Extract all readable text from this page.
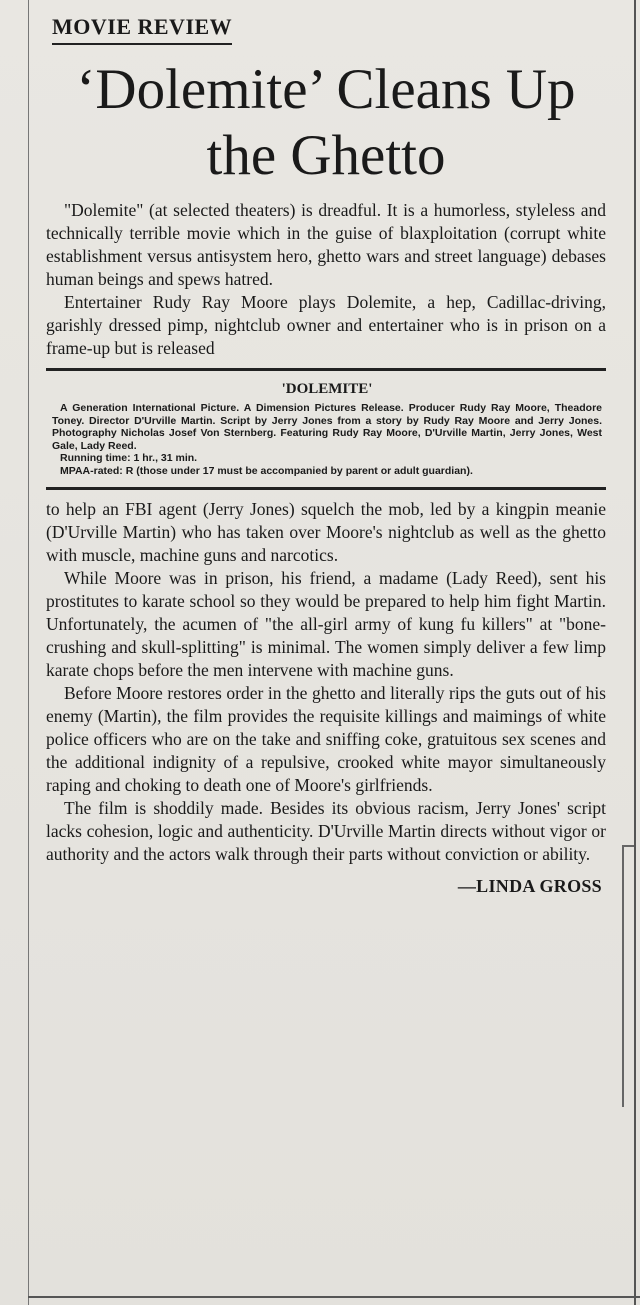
MOVIE REVIEW
‘Dolemite’ Cleans Up the Ghetto

"Dolemite" (at selected theaters) is dreadful. It is a humorless, styleless and technically terrible movie which in the guise of blaxploitation (corrupt white establishment versus antisystem hero, ghetto wars and street language) debases human beings and spews hatred.

Entertainer Rudy Ray Moore plays Dolemite, a hep, Cadillac-driving, garishly dressed pimp, nightclub owner and entertainer who is in prison on a frame-up but is released

'DOLEMITE'
A Generation International Picture. A Dimension Pictures Release. Producer Rudy Ray Moore, Theadore Toney. Director D'Urville Martin. Script by Jerry Jones from a story by Rudy Ray Moore and Jerry Jones. Photography Nicholas Josef Von Sternberg. Featuring Rudy Ray Moore, D'Urville Martin, Jerry Jones, West Gale, Lady Reed.
Running time: 1 hr., 31 min.
MPAA-rated: R (those under 17 must be accompanied by parent or adult guardian).

to help an FBI agent (Jerry Jones) squelch the mob, led by a kingpin meanie (D'Urville Martin) who has taken over Moore's nightclub as well as the ghetto with muscle, machine guns and narcotics.

While Moore was in prison, his friend, a madame (Lady Reed), sent his prostitutes to karate school so they would be prepared to help him fight Martin. Unfortunately, the acumen of "the all-girl army of kung fu killers" at "bone-crushing and skull-splitting" is minimal. The women simply deliver a few limp karate chops before the men intervene with machine guns.

Before Moore restores order in the ghetto and literally rips the guts out of his enemy (Martin), the film provides the requisite killings and maimings of white police officers who are on the take and sniffing coke, gratuitous sex scenes and the additional indignity of a repulsive, crooked white mayor simultaneously raping and choking to death one of Moore's girlfriends.

The film is shoddily made. Besides its obvious racism, Jerry Jones' script lacks cohesion, logic and authenticity. D'Urville Martin directs without vigor or authority and the actors walk through their parts without conviction or ability.

—LINDA GROSS
